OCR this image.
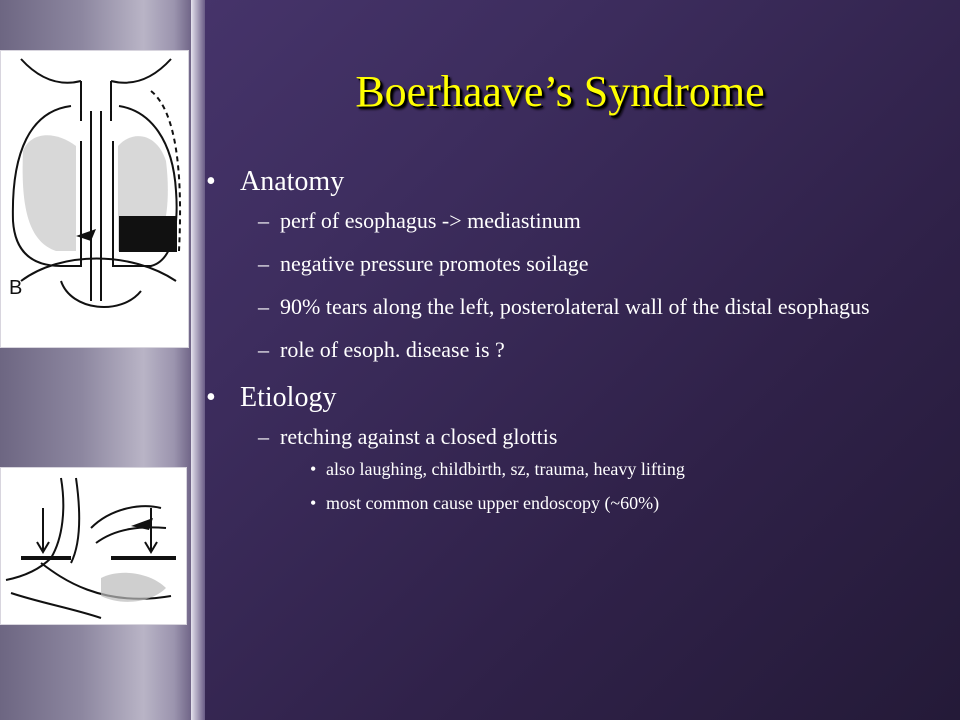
B
Boerhaave’s Syndrome
• Anatomy
– perf of esophagus -> mediastinum
– negative pressure promotes soilage
– 90% tears along the left, posterolateral wall of the distal esophagus
– role of esoph. disease is ?
• Etiology
– retching against a closed glottis
• also laughing, childbirth, sz, trauma, heavy lifting
• most common cause upper endoscopy (~60%)
